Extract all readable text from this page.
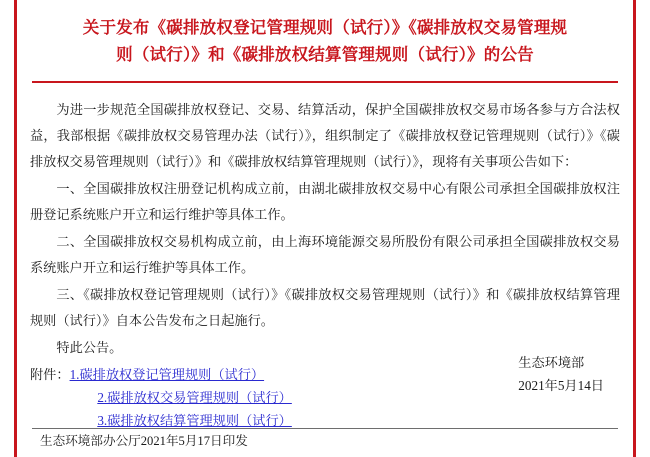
关于发布《碳排放权登记管理规则（试行）》《碳排放权交易管理规
则（试行）》和《碳排放权结算管理规则（试行）》的公告

为进一步规范全国碳排放权登记、交易、结算活动，保护全国碳排放权交易市场各参与方合法权益，我部根据《碳排放权交易管理办法（试行）》，组织制定了《碳排放权登记管理规则（试行）》《碳排放权交易管理规则（试行）》和《碳排放权结算管理规则（试行）》，现将有关事项公告如下：

一、全国碳排放权注册登记机构成立前，由湖北碳排放权交易中心有限公司承担全国碳排放权注册登记系统账户开立和运行维护等具体工作。

二、全国碳排放权交易机构成立前，由上海环境能源交易所股份有限公司承担全国碳排放权交易系统账户开立和运行维护等具体工作。

三、《碳排放权登记管理规则（试行）》《碳排放权交易管理规则（试行）》和《碳排放权结算管理规则（试行）》自本公告发布之日起施行。

特此公告。

附件：1.碳排放权登记管理规则（试行）
2.碳排放权交易管理规则（试行）
3.碳排放权结算管理规则（试行）
生态环境部
2021年5月14日
生态环境部办公厅2021年5月17日印发
